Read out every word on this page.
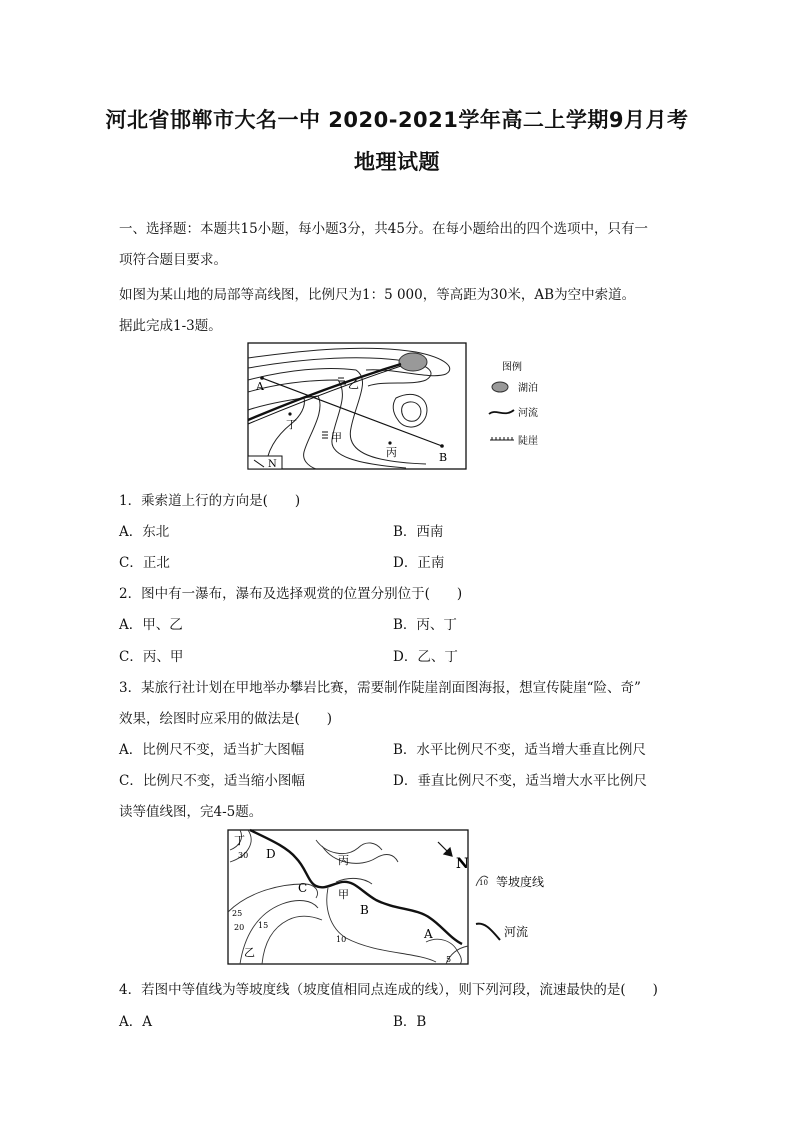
河北省邯郸市大名一中 2020-2021学年高二上学期9月月考
地理试题
一、选择题：本题共15小题，每小题3分，共45分。在每小题给出的四个选项中，只有一
项符合题目要求。
如图为某山地的局部等高线图，比例尺为1：5 000，等高距为30米，AB为空中索道。
据此完成1-3题。
A
B
甲
乙
丙
丁
N
图例
湖泊
河流
陡崖
1．乘索道上行的方向是(　　)
A．东北	B．西南
C．正北	D．正南
2．图中有一瀑布，瀑布及选择观赏的位置分别位于(　　)
A．甲、乙	B．丙、丁
C．丙、甲	D．乙、丁
3．某旅行社计划在甲地举办攀岩比赛，需要制作陡崖剖面图海报，想宣传陡崖“险、奇”
效果，绘图时应采用的做法是(　　)
A．比例尺不变，适当扩大图幅	B．水平比例尺不变，适当增大垂直比例尺
C．比例尺不变，适当缩小图幅	D．垂直比例尺不变，适当增大水平比例尺
读等值线图，完4-5题。
N
丁
D	丙
C	甲
B
A
乙
30
25
20 15
10
5
10 等坡度线
河流
4．若图中等值线为等坡度线（坡度值相同点连成的线），则下列河段，流速最快的是(　　)
A．A	B．B
